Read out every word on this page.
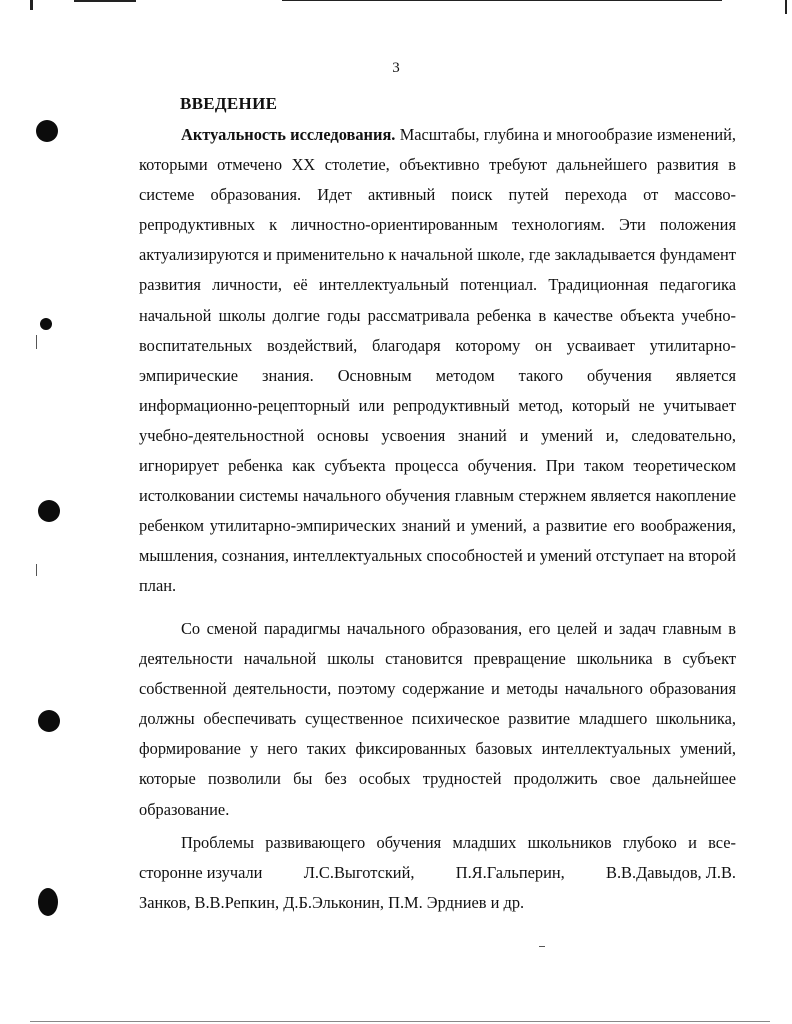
3
ВВЕДЕНИЕ

Актуальность исследования. Масштабы, глубина и многообразие изменений, которыми отмечено XX столетие, объективно требуют дальнейшего развития в системе образования. Идет активный поиск путей перехода от массово-репродуктивных к личностно-ориентированным технологиям. Эти положения актуализируются и применительно к начальной школе, где закладывается фундамент развития личности, её интеллектуальный потенциал. Традиционная педагогика начальной школы долгие годы рассматривала ребенка в качестве объекта учебно-воспитательных воздействий, благодаря которому он усваивает утилитарно-эмпирические знания. Основным методом такого обучения является информационно-рецепторный или репродуктивный метод, который не учитывает учебно-деятельностной основы усвоения знаний и умений и, следовательно, игнорирует ребенка как субъекта процесса обучения. При таком теоретическом истолковании системы начального обучения главным стержнем является накопление ребенком утилитарно-эмпирических знаний и умений, а развитие его воображения, мышления, сознания, интеллектуальных способностей и умений отступает на второй план.

Со сменой парадигмы начального образования, его целей и задач главным в деятельности начальной школы становится превращение школьника в субъект собственной деятельности, поэтому содержание и методы начального образования должны обеспечивать существенное психическое развитие младшего школьника, формирование у него таких фиксированных базовых интеллектуальных умений, которые позволили бы без особых трудностей продолжить свое дальнейшее образование.

Проблемы развивающего обучения младших школьников глубоко и все-

сторонне изучали	Л.С.Выготский,	П.Я.Гальперин,	В.В.Давыдов, Л.В.

Занков, В.В.Репкин, Д.Б.Эльконин, П.М. Эрдниев и др.
